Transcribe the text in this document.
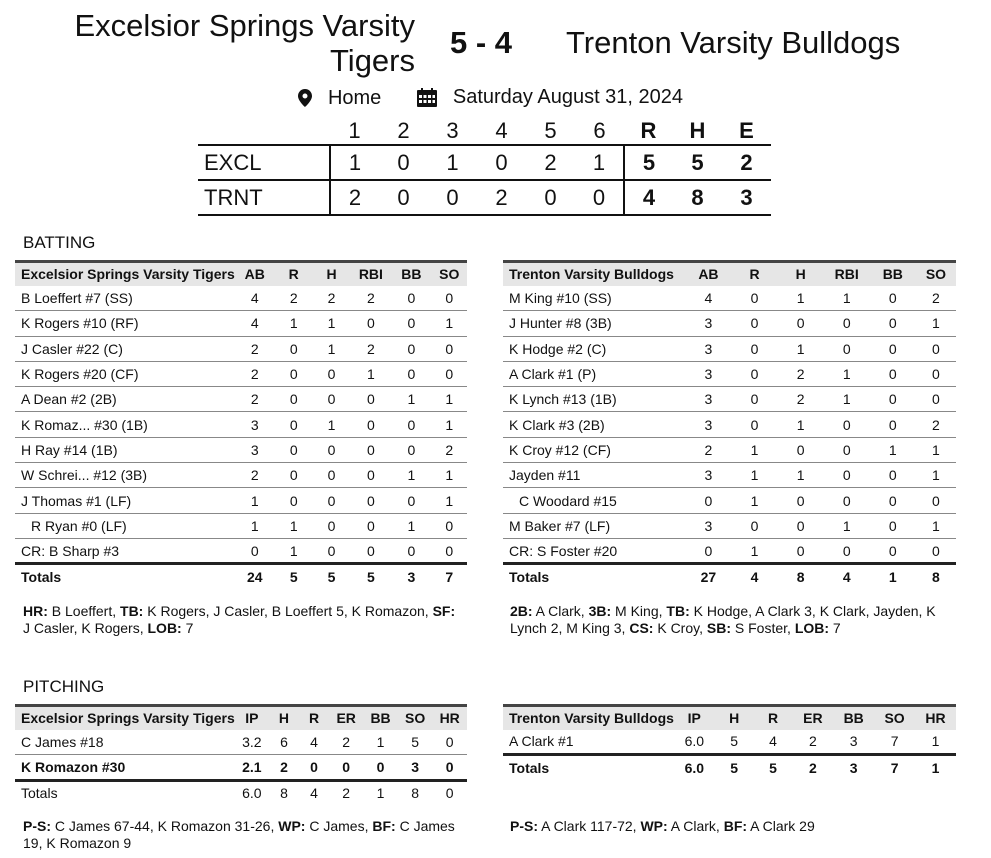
Excelsior Springs Varsity Tigers
5 - 4 Trenton Varsity Bulldogs
Home
	Saturday August 31, 2024
	1	2	3	4	5	6	R	H	E
EXCL	1	0	1	0	2	1	5	5	2
TRNT	2	0	0	2	0	0	4	8	3
BATTING
Excelsior Springs Varsity Tigers	AB	R	H	RBI	BB	SO
B Loeffert #7 (SS)	4	2	2	2	0	0
K Rogers #10 (RF)	4	1	1	0	0	1
J Casler #22 (C)	2	0	1	2	0	0
K Rogers #20 (CF)	2	0	0	1	0	0
A Dean #2 (2B)	2	0	0	0	1	1
K Romaz... #30 (1B)	3	0	1	0	0	1
H Ray #14 (1B)	3	0	0	0	0	2
W Schrei... #12 (3B)	2	0	0	0	1	1
J Thomas #1 (LF)	1	0	0	0	0	1
R Ryan #0 (LF)	1	1	0	0	1	0
CR: B Sharp #3	0	1	0	0	0	0
Totals	24	5	5	5	3	7
Trenton Varsity Bulldogs	AB	R	H	RBI	BB	SO
M King #10 (SS)	4	0	1	1	0	2
J Hunter #8 (3B)	3	0	0	0	0	1
K Hodge #2 (C)	3	0	1	0	0	0
A Clark #1 (P)	3	0	2	1	0	0
K Lynch #13 (1B)	3	0	2	1	0	0
K Clark #3 (2B)	3	0	1	0	0	2
K Croy #12 (CF)	2	1	0	0	1	1
Jayden #11	3	1	1	0	0	1
C Woodard #15	0	1	0	0	0	0
M Baker #7 (LF)	3	0	0	1	0	1
CR: S Foster #20	0	1	0	0	0	0
Totals	27	4	8	4	1	8
HR: B Loeffert, TB: K Rogers, J Casler, B Loeffert 5, K Romazon, SF: J Casler, K Rogers, LOB: 7
2B: A Clark, 3B: M King, TB: K Hodge, A Clark 3, K Clark, Jayden, K Lynch 2, M King 3, CS: K Croy, SB: S Foster, LOB: 7
PITCHING
Excelsior Springs Varsity Tigers	IP	H	R	ER	BB	SO	HR
C James #18	3.2	6	4	2	1	5	0
K Romazon #30	2.1	2	0	0	0	3	0
Totals	6.0	8	4	2	1	8	0
Trenton Varsity Bulldogs	IP	H	R	ER	BB	SO	HR
A Clark #1	6.0	5	4	2	3	7	1
Totals	6.0	5	5	2	3	7	1
P-S: C James 67-44, K Romazon 31-26, WP: C James, BF: C James 19, K Romazon 9
P-S: A Clark 117-72, WP: A Clark, BF: A Clark 29
